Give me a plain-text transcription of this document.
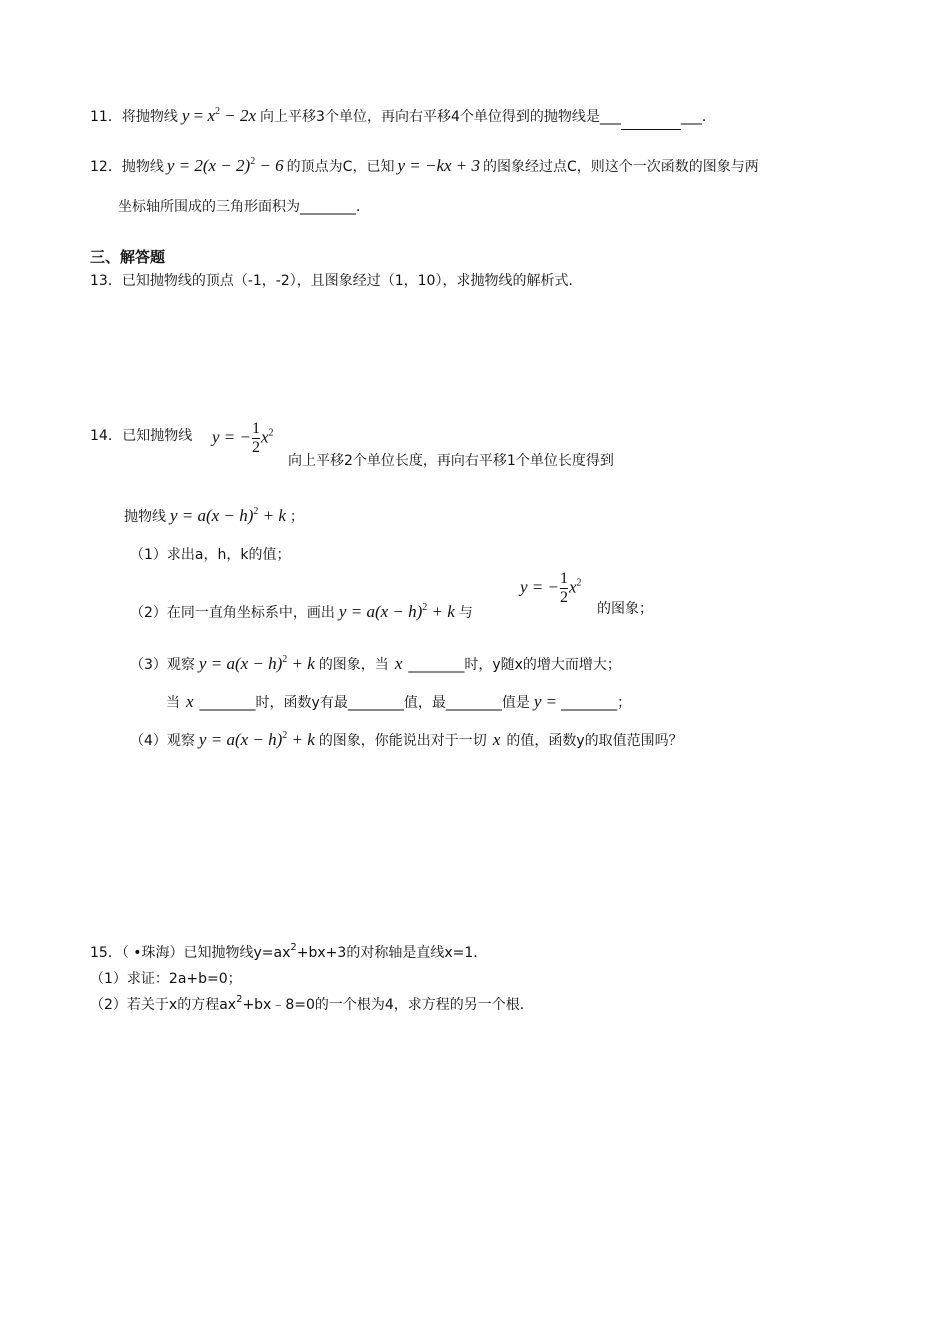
11．将抛物线 $y = x^2 - 2x$ 向上平移3个单位，再向右平移4个单位得到的抛物线是___	___．
12．抛物线 $y = 2(x - 2)^2 - 6$ 的顶点为C，已知 y = −kx + 3 的图象经过点C，则这个一次函数的图象与两
坐标轴所围成的三角形面积为________．
三、解答题
13．已知抛物线的顶点（-1，-2），且图象经过（1，10），求抛物线的解析式．
14. 已知抛物线 y = − $\frac{1}{2} x^2$
向上平移2个单位长度，再向右平移1个单位长度得到
抛物线 $y = a(x - h)^2 + k$ ；
（1）求出a，h，k的值；
（2）在同一直角坐标系中，画出 $y = a(x - h)^2 + k$ 与
y = − $\frac{1}{2} x^2$
的图象；
（3）观察 $y = a(x - h)^2 + k$ 的图象，当 x ________时，y随x的增大而增大；
当 x ________时，函数y有最________值，最________值是 y = ________；
（4）观察 $y = a(x - h)^2 + k$ 的图象，你能说出对于一切 x 的值，函数y的取值范围吗？
15．（ •珠海）已知抛物线$y=ax^2+bx+3$的对称轴是直线x=1．
（1）求证：2a+b=0；
（2）若关于x的方程$ax^2+bx﹣8=0$的一个根为4，求方程的另一个根．
